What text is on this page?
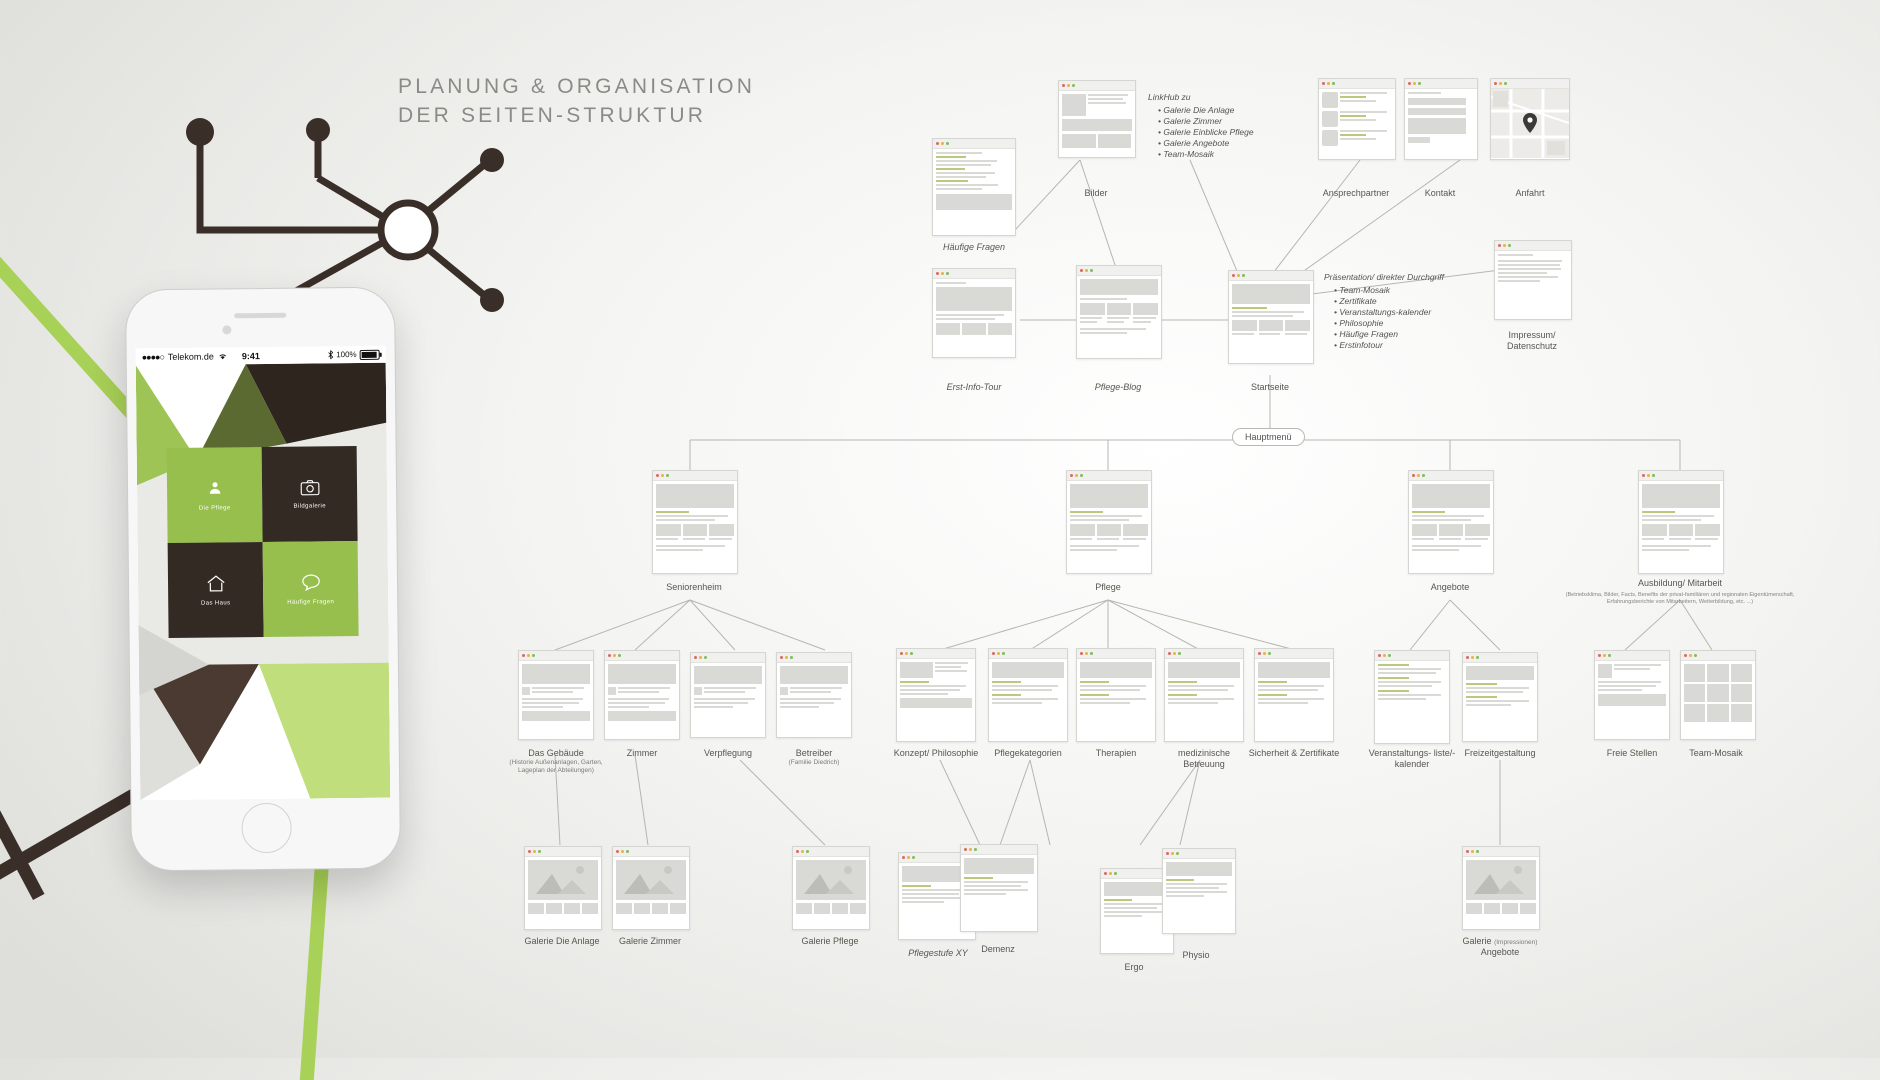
PLANUNG & ORGANISATION
DER SEITEN-STRUKTUR
●●●●○ Telekom.de	9:41	100%
Die Pflege	Bildgalerie
Das Haus	Häufige Fragen
Häufige Fragen
Bilder
LinkHub zu
• Galerie Die Anlage
• Galerie Zimmer
• Galerie Einblicke Pflege
• Galerie Angebote
• Team-Mosaik
Ansprechpartner	Kontakt	Anfahrt
Erst-Info-Tour	Pflege-Blog	Startseite
Präsentation/ direkter Durchgriff
• Team-Mosaik
• Zertifikate
• Veranstaltungs-kalender
• Philosophie
• Häufige Fragen
• Erstinfotour
Impressum/ Datenschutz
Hauptmenü
Seniorenheim	Pflege	Angebote	Ausbildung/ Mitarbeit
(Betriebsklima, Bilder, Facts, Benefits der privat-familiären und regionalen Eigentümerschaft, Erfahrungsberichte von Mitarbeitern, Weiterbildung, etc. ...)
Das Gebäude
(Historie Außenanlagen, Garten, Lageplan der Abteilungen)
Zimmer	Verpflegung	Betreiber
(Familie Diedrich)
Konzept/ Philosophie	Pflegekategorien	Therapien	medizinische Betreuung
Sicherheit & Zertifikate	Veranstaltungs- liste/-kalender
Freizeitgestaltung	Freie Stellen	Team-Mosaik
Galerie Die Anlage	Galerie Zimmer	Galerie Pflege
Pflegestufe XY	Demenz
Ergo
Physio
Galerie (Impressionen)
Angebote
